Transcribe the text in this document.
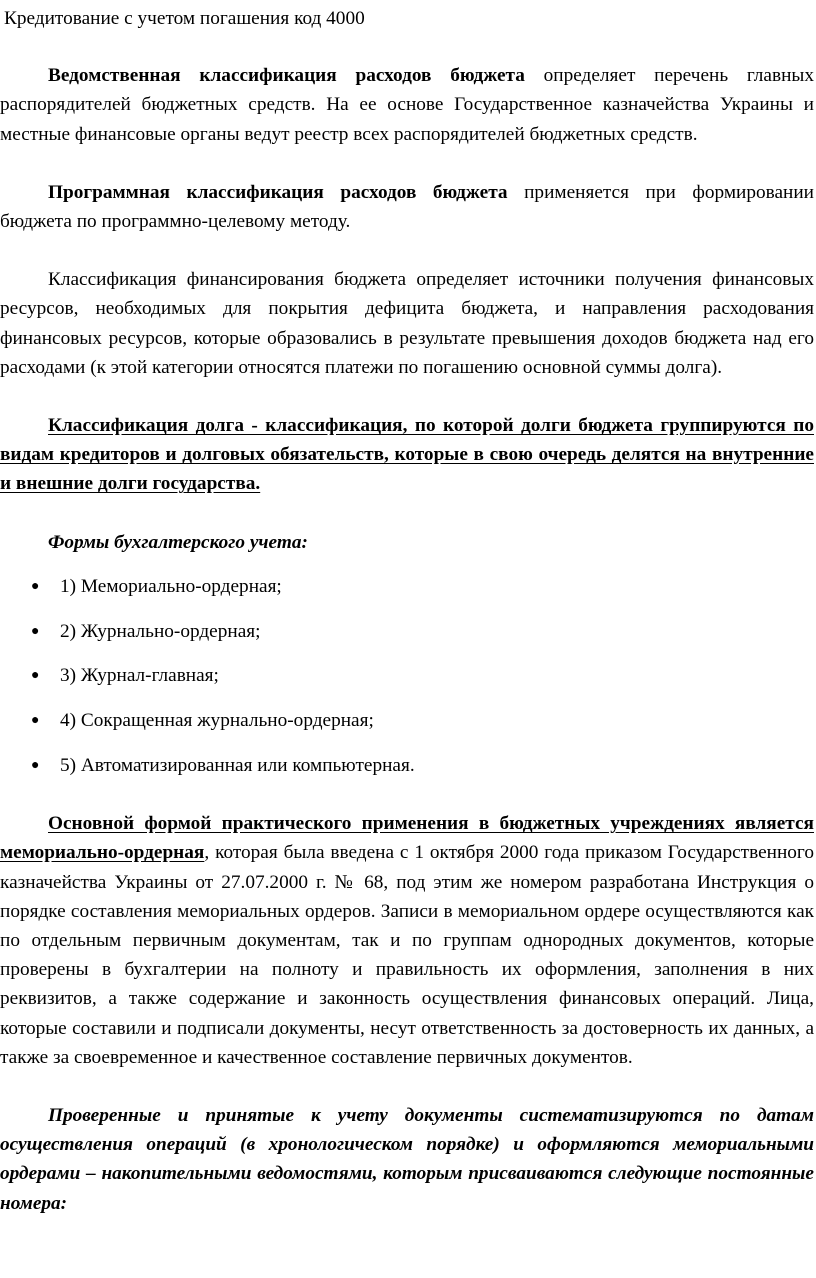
Кредитование с учетом погашения код 4000

Ведомственная классификация расходов бюджета определяет перечень главных распорядителей бюджетных средств. На ее основе Государственное казначейства Украины и местные финансовые органы ведут реестр всех распорядителей бюджетных средств.

Программная классификация расходов бюджета применяется при формировании бюджета по программно-целевому методу.

Классификация финансирования бюджета определяет источники получения финансовых ресурсов, необходимых для покрытия дефицита бюджета, и направления расходования финансовых ресурсов, которые образовались в результате превышения доходов бюджета над его расходами (к этой категории относятся платежи по погашению основной суммы долга).

Классификация долга - классификация, по которой долги бюджета группируются по видам кредиторов и долговых обязательств, которые в свою очередь делятся на внутренние и внешние долги государства.

Формы бухгалтерского учета:

● 1) Мемориально-ордерная;
● 2) Журнально-ордерная;
● 3) Журнал-главная;
● 4) Сокращенная журнально-ордерная;
● 5) Автоматизированная или компьютерная.

Основной формой практического применения в бюджетных учреждениях является мемориально-ордерная, которая была введена с 1 октября 2000 года приказом Государственного казначейства Украины от 27.07.2000 г. № 68, под этим же номером разработана Инструкция о порядке составления мемориальных ордеров. Записи в мемориальном ордере осуществляются как по отдельным первичным документам, так и по группам однородных документов, которые проверены в бухгалтерии на полноту и правильность их оформления, заполнения в них реквизитов, а также содержание и законность осуществления финансовых операций. Лица, которые составили и подписали документы, несут ответственность за достоверность их данных, а также за своевременное и качественное составление первичных документов.

Проверенные и принятые к учету документы систематизируются по датам осуществления операций (в хронологическом порядке) и оформляются мемориальными ордерами – накопительными ведомостями, которым присваиваются следующие постоянные номера:
